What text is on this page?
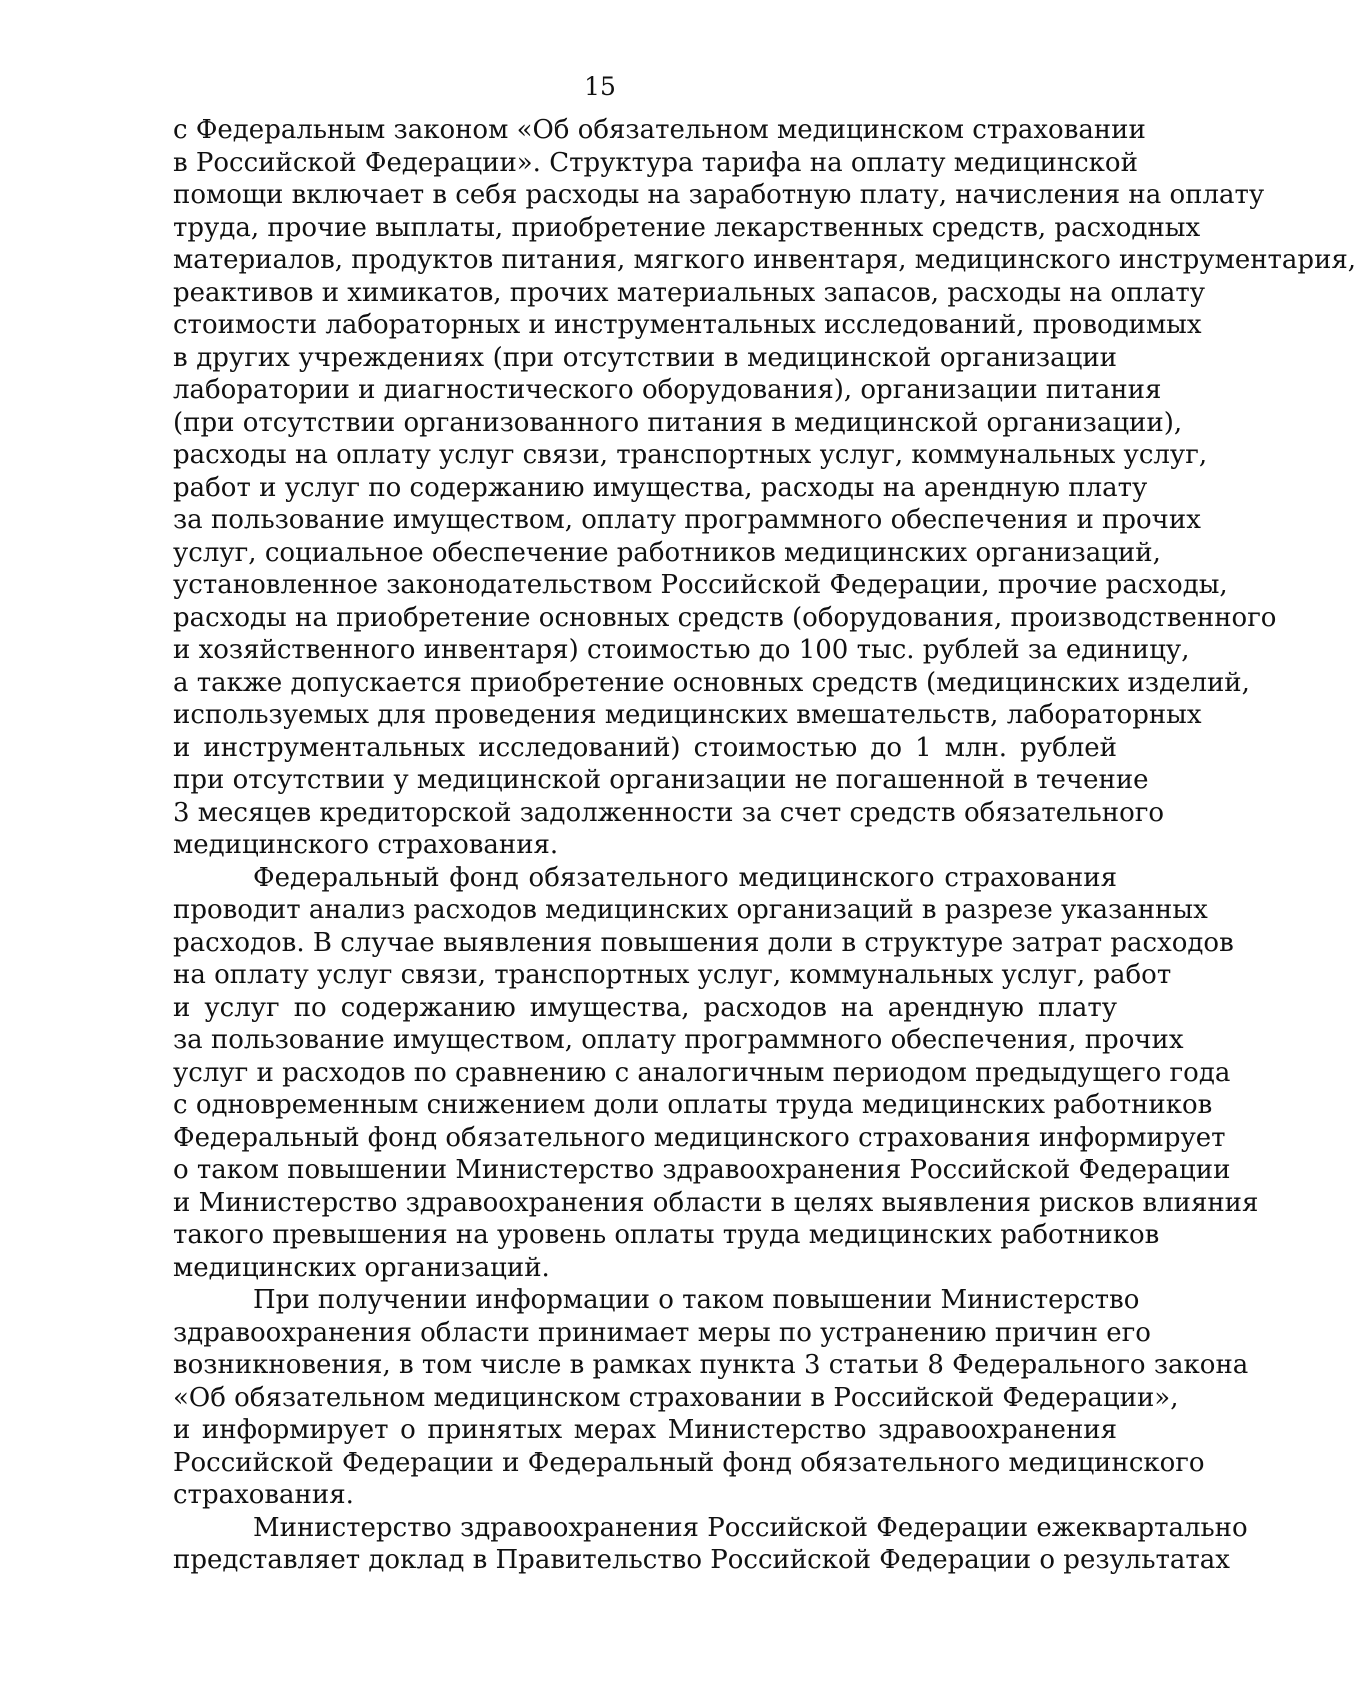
15
с Федеральным законом «Об обязательном медицинском страховании
в Российской Федерации». Структура тарифа на оплату медицинской
помощи включает в себя расходы на заработную плату, начисления на оплату
труда, прочие выплаты, приобретение лекарственных средств, расходных
материалов, продуктов питания, мягкого инвентаря, медицинского инструментария,
реактивов и химикатов, прочих материальных запасов, расходы на оплату
стоимости лабораторных и инструментальных исследований, проводимых
в других учреждениях (при отсутствии в медицинской организации
лаборатории и диагностического оборудования), организации питания
(при отсутствии организованного питания в медицинской организации),
расходы на оплату услуг связи, транспортных услуг, коммунальных услуг,
работ и услуг по содержанию имущества, расходы на арендную плату
за пользование имуществом, оплату программного обеспечения и прочих
услуг, социальное обеспечение работников медицинских организаций,
установленное законодательством Российской Федерации, прочие расходы,
расходы на приобретение основных средств (оборудования, производственного
и хозяйственного инвентаря) стоимостью до 100 тыс. рублей за единицу,
а также допускается приобретение основных средств (медицинских изделий,
используемых для проведения медицинских вмешательств, лабораторных
и инструментальных исследований) стоимостью до 1 млн. рублей
при отсутствии у медицинской организации не погашенной в течение
3 месяцев кредиторской задолженности за счет средств обязательного
медицинского страхования.
Федеральный фонд обязательного медицинского страхования
проводит анализ расходов медицинских организаций в разрезе указанных
расходов. В случае выявления повышения доли в структуре затрат расходов
на оплату услуг связи, транспортных услуг, коммунальных услуг, работ
и услуг по содержанию имущества, расходов на арендную плату
за пользование имуществом, оплату программного обеспечения, прочих
услуг и расходов по сравнению с аналогичным периодом предыдущего года
с одновременным снижением доли оплаты труда медицинских работников
Федеральный фонд обязательного медицинского страхования информирует
о таком повышении Министерство здравоохранения Российской Федерации
и Министерство здравоохранения области в целях выявления рисков влияния
такого превышения на уровень оплаты труда медицинских работников
медицинских организаций.
При получении информации о таком повышении Министерство
здравоохранения области принимает меры по устранению причин его
возникновения, в том числе в рамках пункта 3 статьи 8 Федерального закона
«Об обязательном медицинском страховании в Российской Федерации»,
и информирует о принятых мерах Министерство здравоохранения
Российской Федерации и Федеральный фонд обязательного медицинского
страхования.
Министерство здравоохранения Российской Федерации ежеквартально
представляет доклад в Правительство Российской Федерации о результатах
